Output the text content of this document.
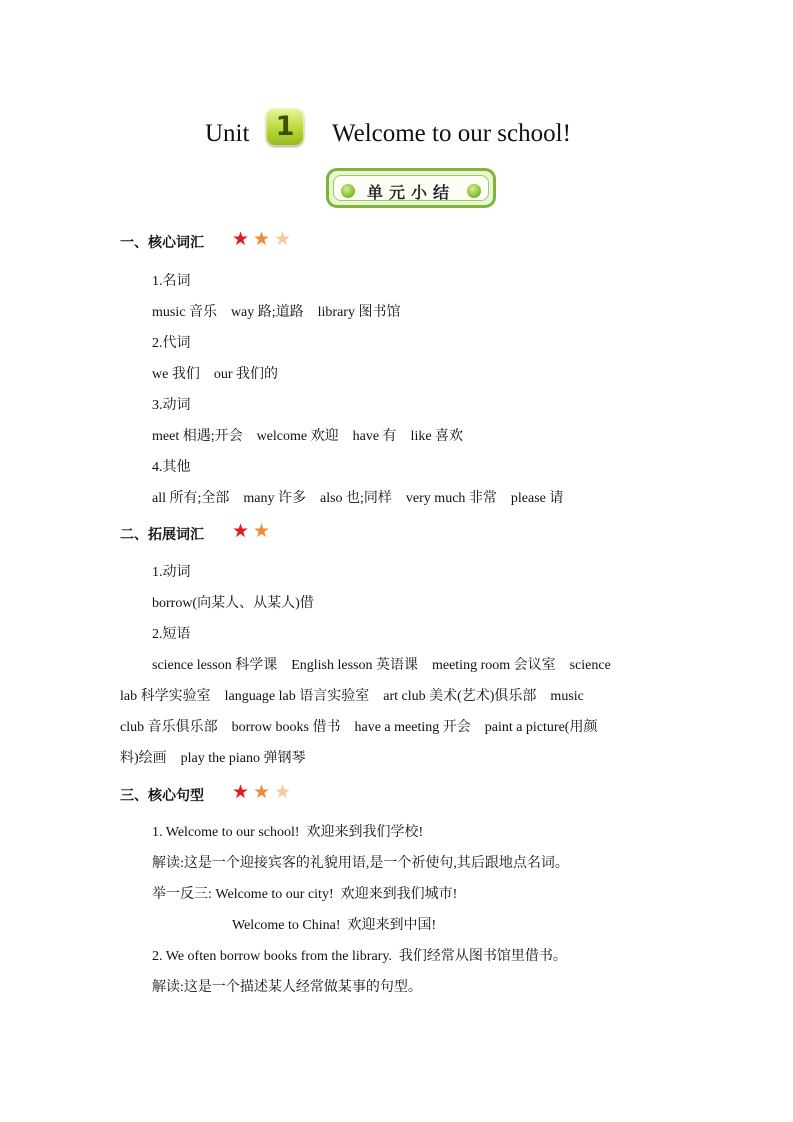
Unit 1	Welcome to our school!
单元小结
一、核心词汇 ★ ★ ★
1.名词
music 音乐    way 路;道路    library 图书馆
2.代词
we 我们    our 我们的
3.动词
meet 相遇;开会    welcome 欢迎    have 有    like 喜欢
4.其他
all 所有;全部    many 许多    also 也;同样    very much 非常    please 请
二、拓展词汇 ★ ★
1.动词
borrow(向某人、从某人)借
2.短语
science lesson 科学课    English lesson 英语课    meeting room 会议室    science
lab 科学实验室    language lab 语言实验室    art club 美术(艺术)俱乐部    music
club 音乐俱乐部    borrow books 借书    have a meeting 开会    paint a picture(用颜
料)绘画    play the piano 弹钢琴
三、核心句型 ★ ★ ★
1. Welcome to our school!  欢迎来到我们学校!
解读:这是一个迎接宾客的礼貌用语,是一个祈使句,其后跟地点名词。
举一反三: Welcome to our city!  欢迎来到我们城市!
Welcome to China!  欢迎来到中国!
2. We often borrow books from the library.  我们经常从图书馆里借书。
解读:这是一个描述某人经常做某事的句型。
